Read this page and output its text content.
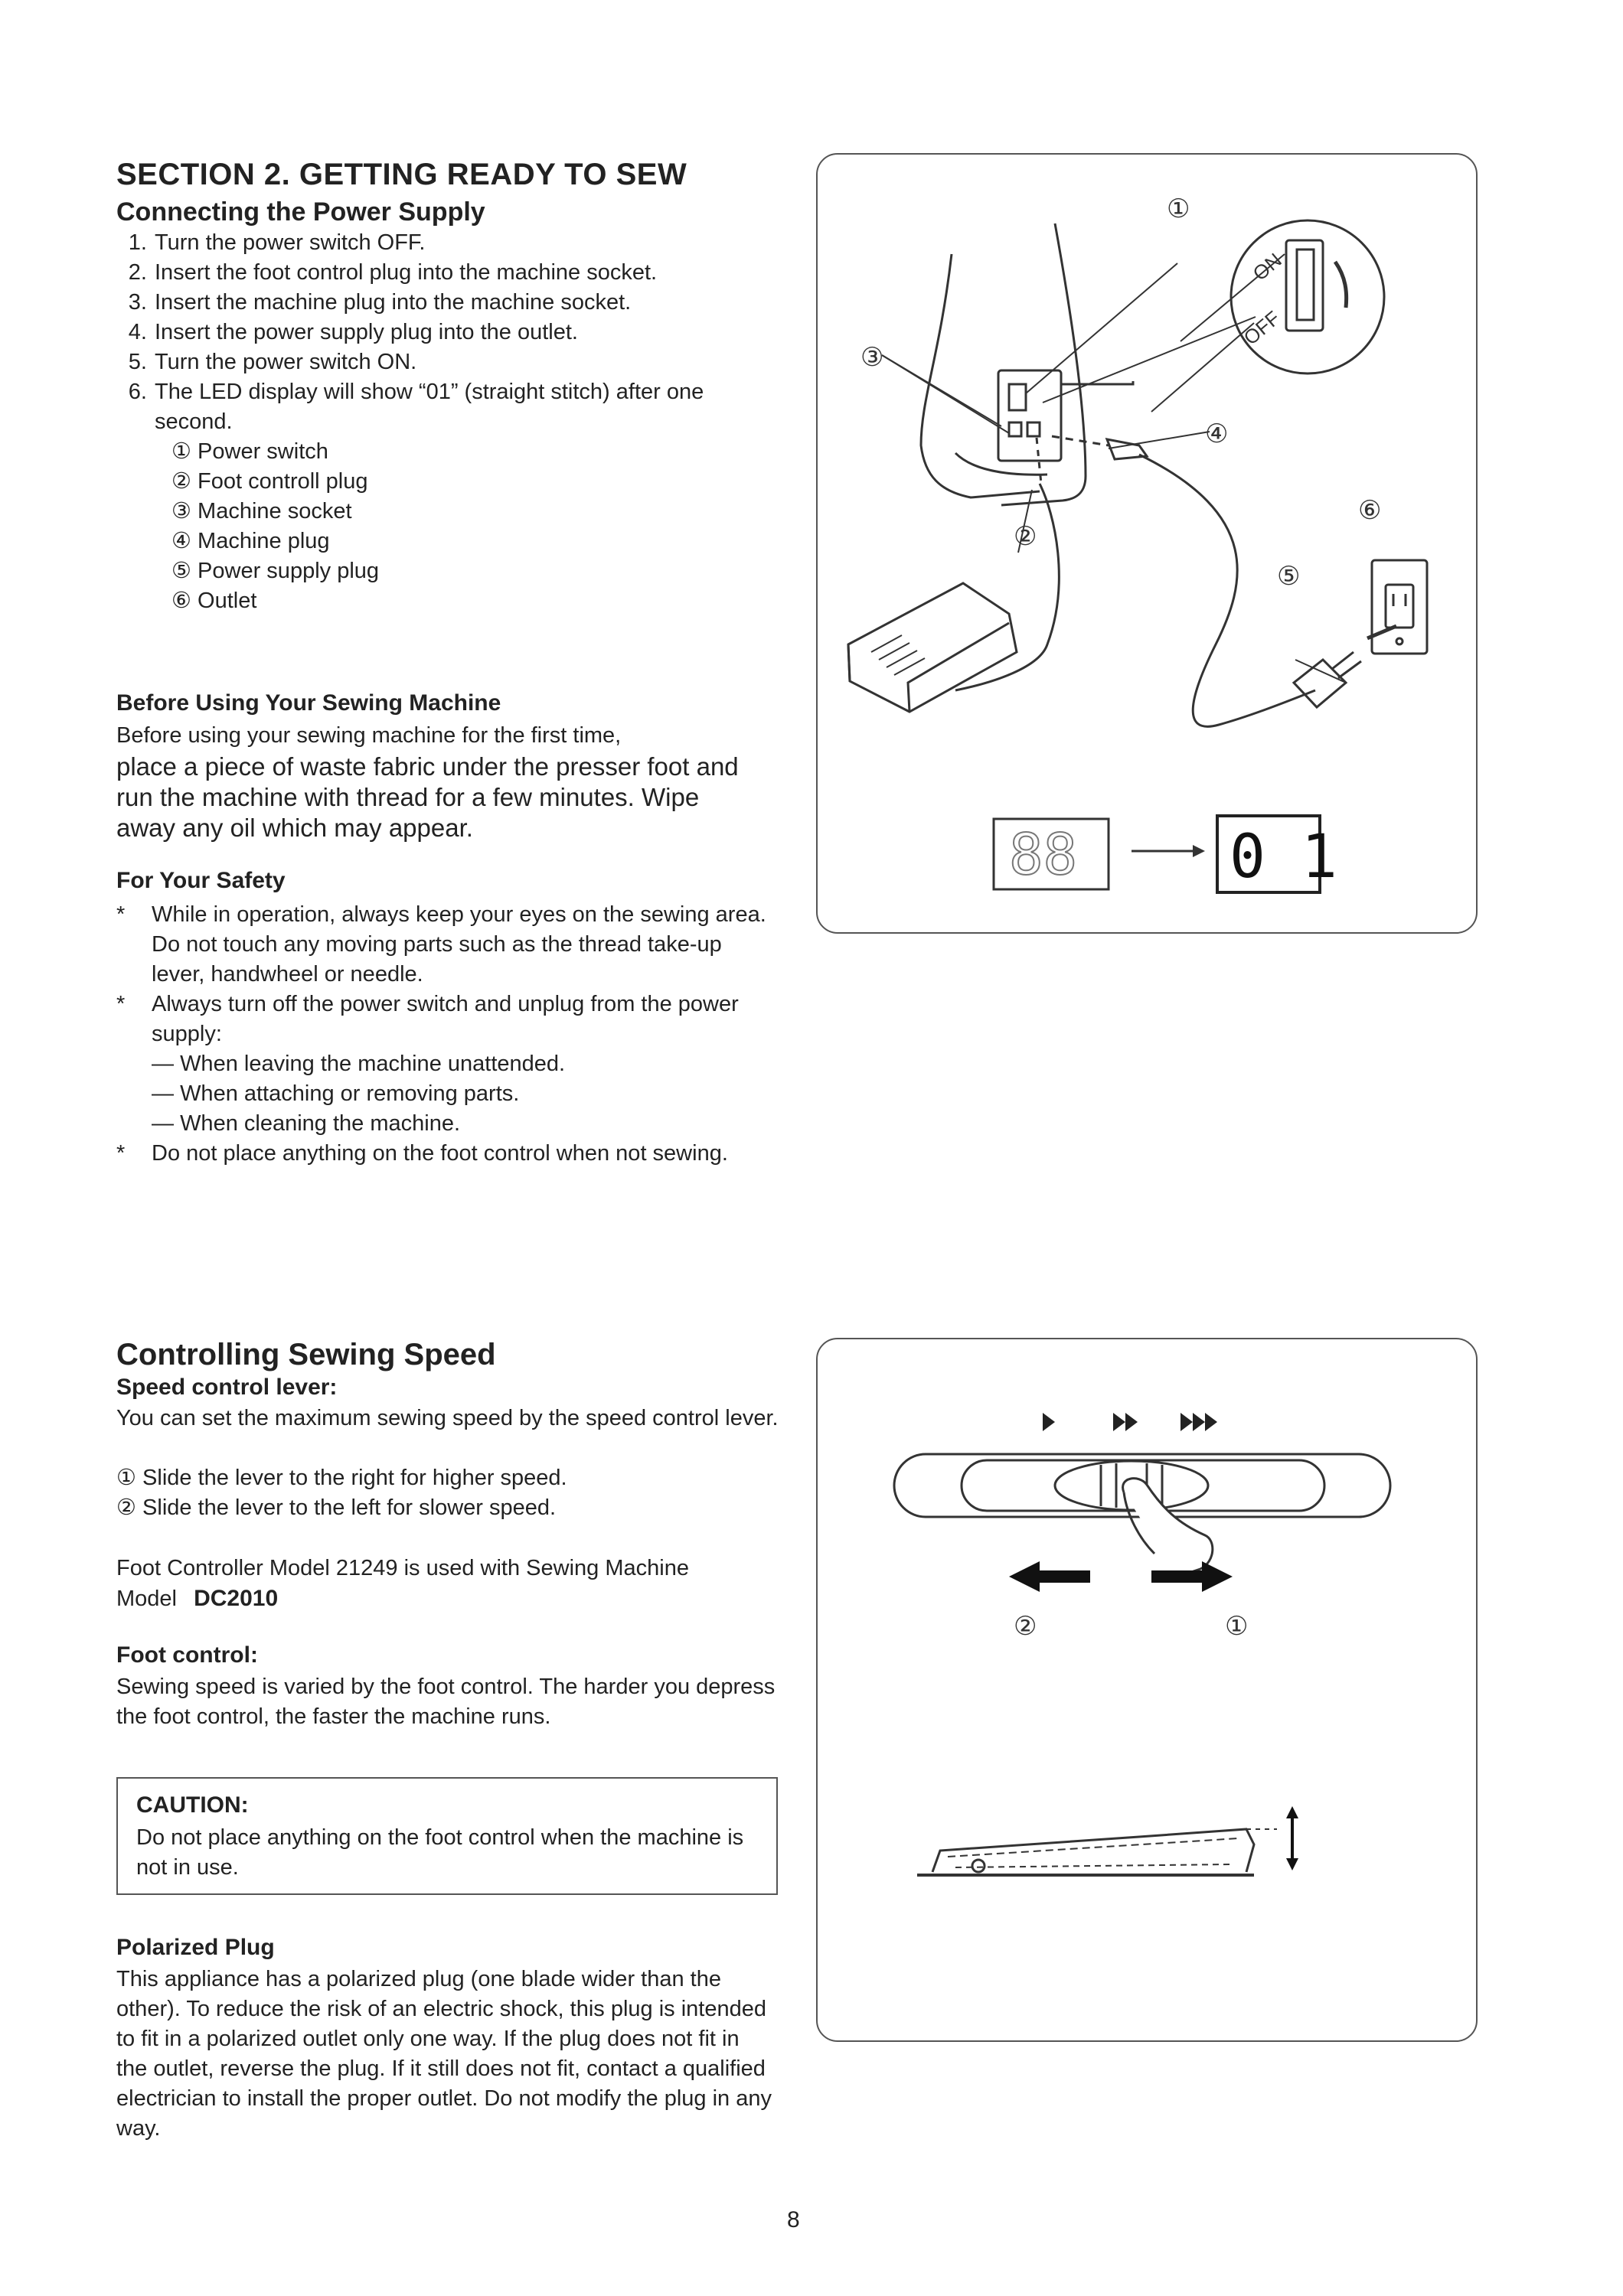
SECTION 2. GETTING READY TO SEW
Connecting the Power Supply
1. Turn the power switch OFF.
2. Insert the foot control plug into the machine socket.
3. Insert the machine plug into the machine socket.
4. Insert the power supply plug into the outlet.
5. Turn the power switch ON.
6. The LED display will show “01” (straight stitch) after one second.
① Power switch
② Foot controll plug
③ Machine socket
④ Machine plug
⑤ Power supply plug
⑥ Outlet
Before Using Your Sewing Machine
Before using your sewing machine for the first time,
place a piece of waste fabric under the presser foot and run the machine with thread for a few minutes. Wipe away any oil which may appear.
For Your Safety
* While in operation, always keep your eyes on the sewing area. Do not touch any moving parts such as the thread take-up lever, handwheel or needle.
* Always turn off the power switch and unplug from the power supply:
— When leaving the machine unattended.
— When attaching or removing parts.
— When cleaning the machine.
* Do not place anything on the foot control when not sewing.
ON
OFF
①
②
③
④
⑤
⑥
88	0 1
Controlling Sewing Speed
Speed control lever:
You can set the maximum sewing speed by the speed control lever.
① Slide the lever to the right for higher speed.
② Slide the lever to the left for slower speed.
Foot Controller Model 21249 is used with Sewing Machine Model DC2010
Foot control:
Sewing speed is varied by the foot control. The harder you depress the foot control, the faster the machine runs.
CAUTION:
Do not place anything on the foot control when the machine is not in use.
Polarized Plug
This appliance has a polarized plug (one blade wider than the other). To reduce the risk of an electric shock, this plug is intended to fit in a polarized outlet only one way. If the plug does not fit in the outlet, reverse the plug. If it still does not fit, contact a qualified electrician to install the proper outlet. Do not modify the plug in any way.
②	①
8
